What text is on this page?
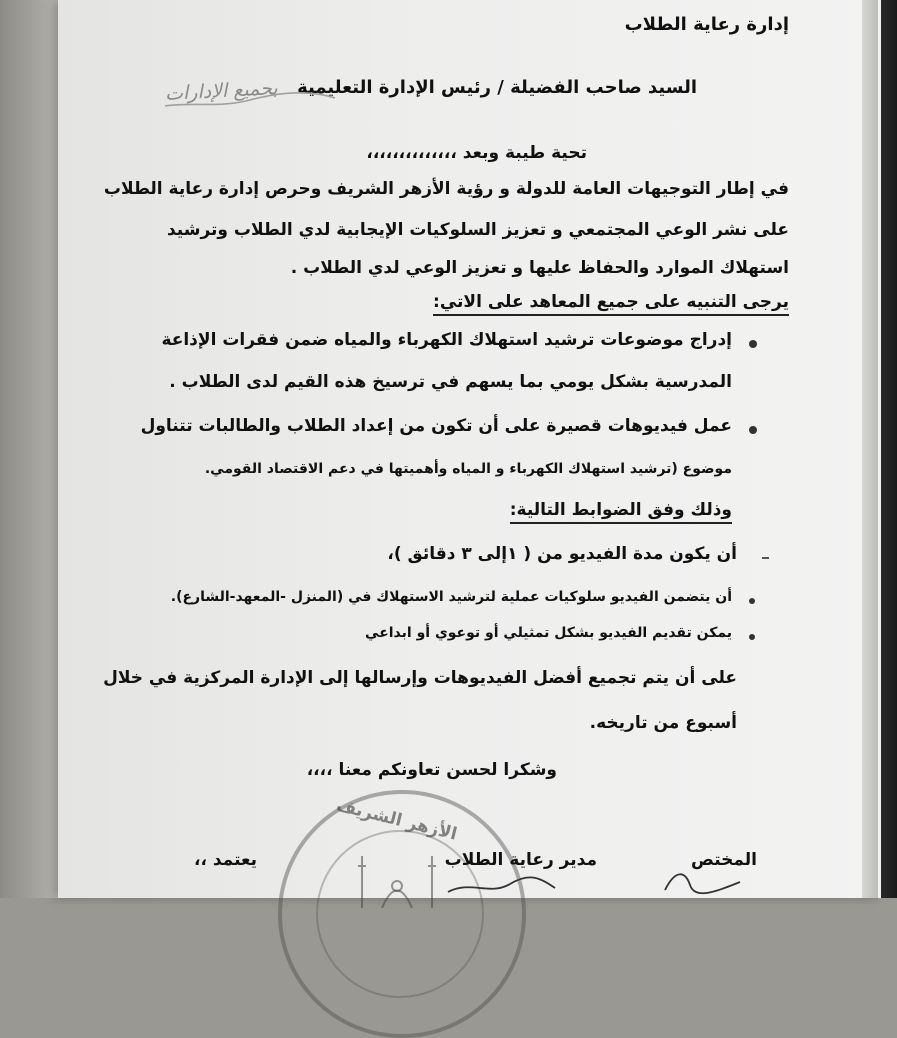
إدارة رعاية الطلاب
السيد صاحب الفضيلة / رئيس الإدارة التعليمية
بجميع الإدارات
تحية طيبة وبعد ،،،،،،،،،،،،،،
في إطار التوجيهات العامة للدولة و رؤية الأزهر الشريف وحرص إدارة رعاية الطلاب
على نشر الوعي المجتمعي و تعزيز السلوكيات الإيجابية لدي الطلاب وترشيد
استهلاك الموارد والحفاظ عليها و تعزيز الوعي لدي الطلاب .
يرجى التنبيه على جميع المعاهد على الاتي:
إدراج موضوعات ترشيد استهلاك الكهرباء والمياه ضمن فقرات الإذاعة
المدرسية بشكل يومي بما يسهم في ترسيخ هذه القيم لدى الطلاب .
عمل فيديوهات قصيرة على أن تكون من إعداد الطلاب والطالبات تتناول
موضوع (ترشيد استهلاك الكهرباء و المياه وأهميتها في دعم الاقتصاد القومي.
وذلك وفق الضوابط التالية:
أن يكون مدة الفيديو من ( ١إلى ٣ دقائق )،
أن يتضمن الفيديو سلوكيات عملية لترشيد الاستهلاك في (المنزل -المعهد-الشارع).
يمكن تقديم الفيديو بشكل تمثيلي أو توعوي أو ابداعي
على أن يتم تجميع أفضل الفيديوهات وإرسالها إلى الإدارة المركزية في خلال
أسبوع من تاريخه.
وشكرا لحسن تعاونكم معنا ،،،،
الأزهر الشريف
المختص
مدير رعاية الطلاب
يعتمد ،،
